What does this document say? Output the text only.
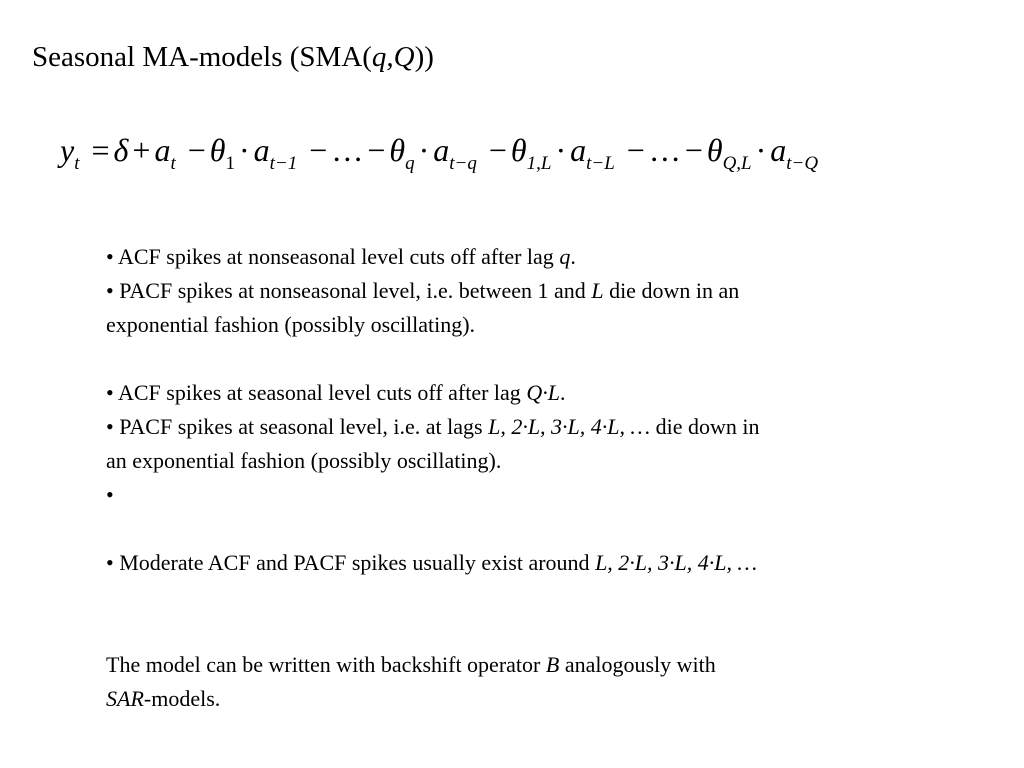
Seasonal MA-models (SMA(q,Q))
$y_t = \delta + a_t - \theta_1 \cdot a_{t-1}$ − … − $\theta_q \cdot a_{t-q} - \theta_{1,L} \cdot a_{t-L}$ − … − $\theta_{Q,L} \cdot a_{t-Q}$
• ACF spikes at nonseasonal level cuts off after lag q.
• PACF spikes at nonseasonal level, i.e. between 1 and L die down in an
exponential fashion (possibly oscillating).
• ACF spikes at seasonal level cuts off after lag Q·L.
• PACF spikes at seasonal level, i.e. at lags L, 2·L, 3·L, 4·L, … die down in
an exponential fashion (possibly oscillating).
•
• Moderate ACF and PACF spikes usually exist around L, 2·L, 3·L, 4·L, …
The model can be written with backshift operator B analogously with
SAR-models.
